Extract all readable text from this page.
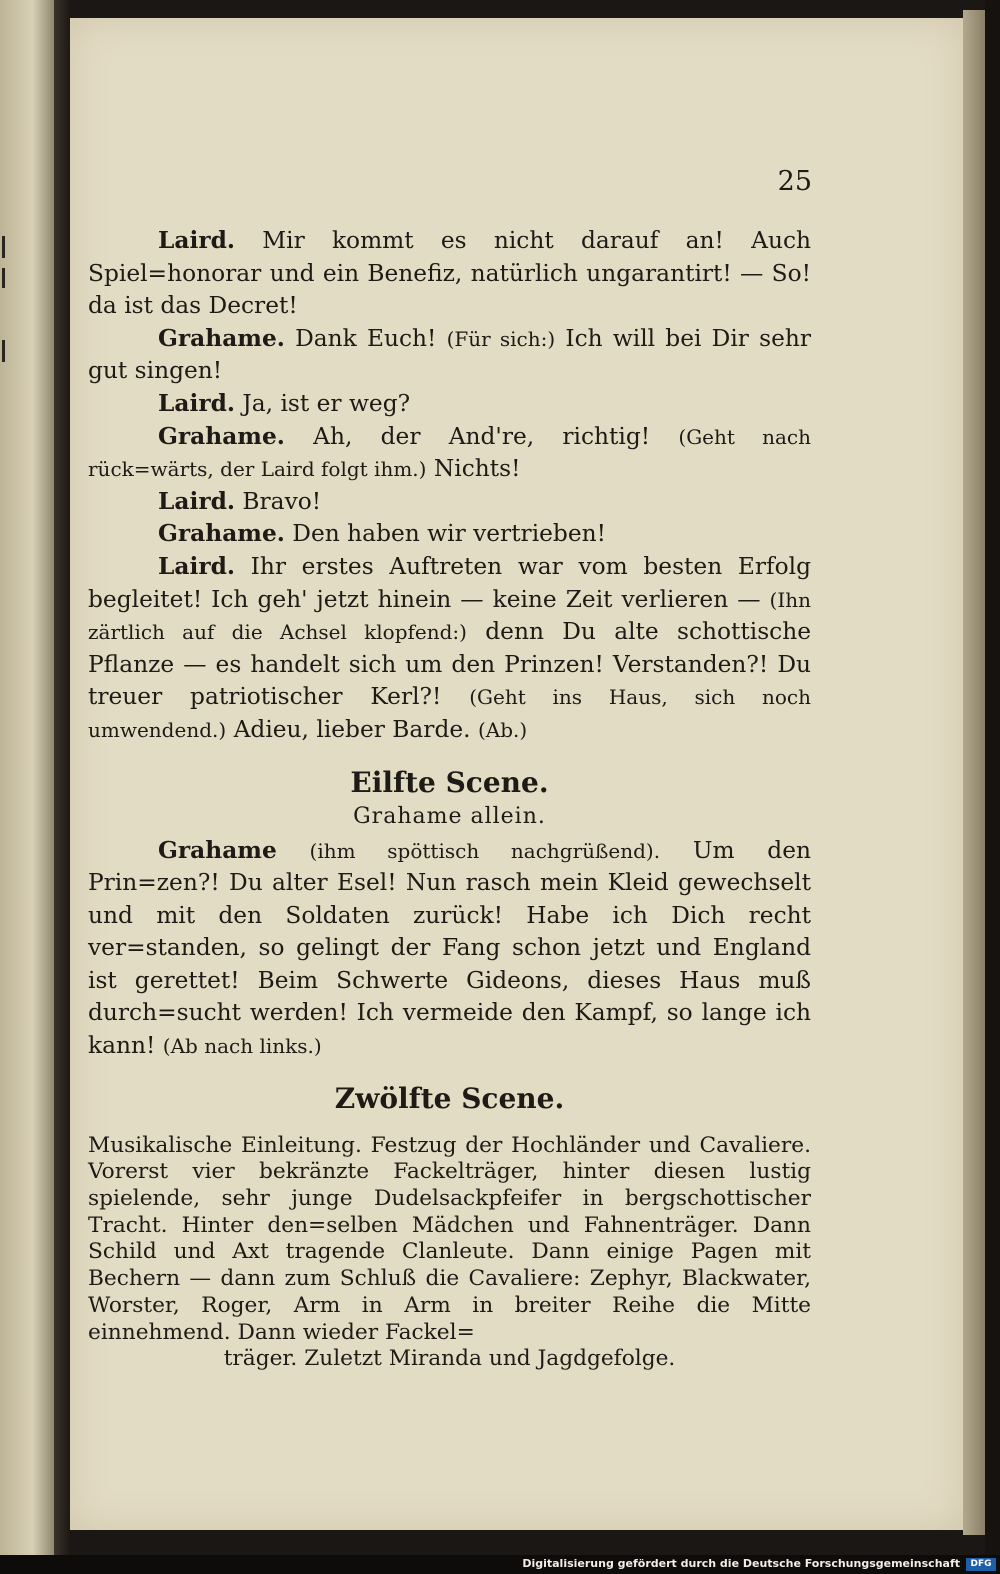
25

Laird. Mir kommt es nicht darauf an! Auch Spiel=honorar und ein Benefiz, natürlich ungarantirt! — So! da ist das Decret!

Grahame. Dank Euch! (Für sich:) Ich will bei Dir sehr gut singen!

Laird. Ja, ist er weg?

Grahame. Ah, der And're, richtig! (Geht nach rück=wärts, der Laird folgt ihm.) Nichts!

Laird. Bravo!

Grahame. Den haben wir vertrieben!

Laird. Ihr erstes Auftreten war vom besten Erfolg begleitet! Ich geh' jetzt hinein — keine Zeit verlieren — (Ihn zärtlich auf die Achsel klopfend:) denn Du alte schottische Pflanze — es handelt sich um den Prinzen! Verstanden?! Du treuer patriotischer Kerl?! (Geht ins Haus, sich noch umwendend.) Adieu, lieber Barde. (Ab.)

Eilfte Scene.

Grahame allein.

Grahame (ihm spöttisch nachgrüßend). Um den Prin=zen?! Du alter Esel! Nun rasch mein Kleid gewechselt und mit den Soldaten zurück! Habe ich Dich recht ver=standen, so gelingt der Fang schon jetzt und England ist gerettet! Beim Schwerte Gideons, dieses Haus muß durch=sucht werden! Ich vermeide den Kampf, so lange ich kann! (Ab nach links.)

Zwölfte Scene.

Musikalische Einleitung. Festzug der Hochländer und Cavaliere. Vorerst vier bekränzte Fackelträger, hinter diesen lustig spielende, sehr junge Dudelsackpfeifer in bergschottischer Tracht. Hinter den=selben Mädchen und Fahnenträger. Dann Schild und Axt tragende Clanleute. Dann einige Pagen mit Bechern — dann zum Schluß die Cavaliere: Zephyr, Blackwater, Worster, Roger, Arm in Arm in breiter Reihe die Mitte einnehmend. Dann wieder Fackel=
träger. Zuletzt Miranda und Jagdgefolge.

Digitalisierung gefördert durch die Deutsche Forschungsgemeinschaft	DFG
